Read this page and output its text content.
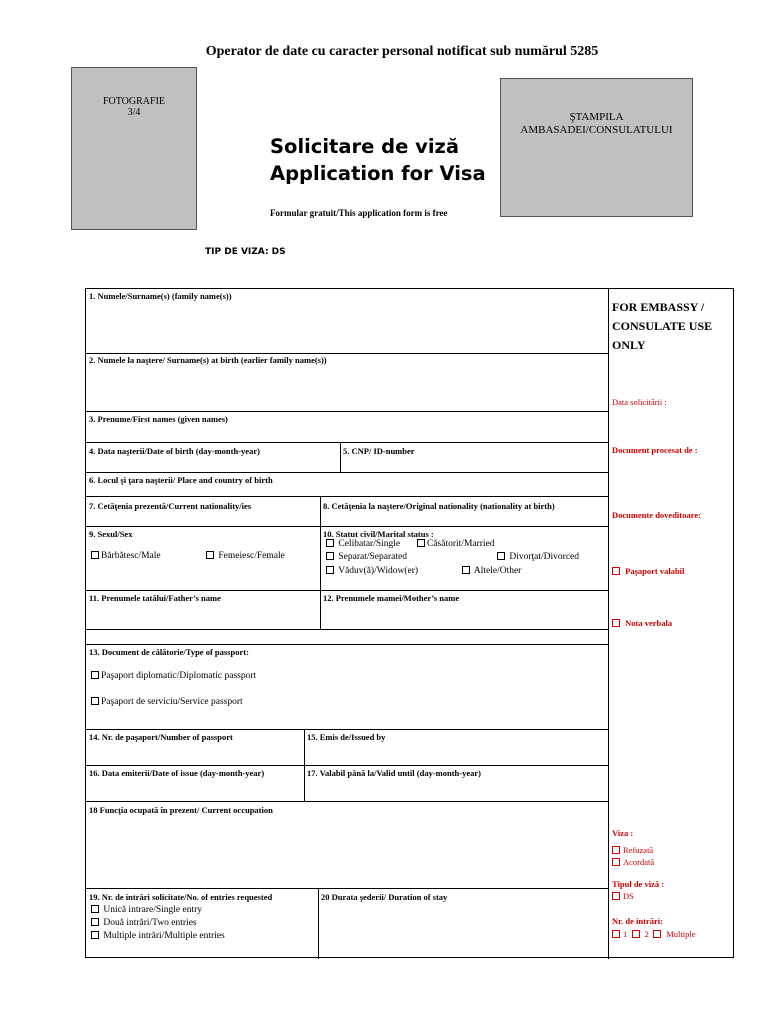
Operator de date cu caracter personal notificat sub numărul 5285
FOTOGRAFIE
3/4	ŞTAMPILA
AMBASADEI/CONSULATULUI
Solicitare de viză
Application for Visa
Formular gratuit/This application form is free
TIP DE VIZA: DS
1. Numele/Surname(s) (family name(s))
2. Numele la naştere/ Surname(s) at birth (earlier family name(s))
3. Prenume/First names (given names)
4. Data naşterii/Date of birth (day-month-year)	5. CNP/ ID-number
6. Locul şi ţara naşterii/ Place and country of birth
7. Cetăţenia prezentă/Current nationality/ies	8. Cetăţenia la naştere/Original nationality (nationality at birth)
9. Sexul/Sex	10. Statut civil/Marital status :
Bărbătesc/Male	Femeiesc/Female
Celibatar/Single	Căsătorit/Married
Separat/Separated	Divorţat/Divorced
Văduv(ă)/Widow(er)	Altele/Other
11. Prenumele tatălui/Father’s name	12. Prenumele mamei/Mother’s name
13. Document de călătorie/Type of passport:
Paşaport diplomatic/Diplomatic passport
Paşaport de serviciu/Service passport
14. Nr. de paşaport/Number of passport	15. Emis de/Issued by
16. Data emiterii/Date of issue (day-month-year)	17. Valabil până la/Valid until (day-month-year)
18 Funcţia ocupată în prezent/ Current occupation
19. Nr. de intrări solicitate/No. of entries requested
Unică intrare/Single entry
Două intrări/Two entries
Multiple intrări/Multiple entries
20 Durata şederii/ Duration of stay
FOR EMBASSY /
CONSULATE USE
ONLY
Data solicitării :
Document procesat de :
Documente doveditoare:
Paşaport valabil
Nota verbala
Viza :
Refuzată
Acordată
Tipul de viză :
DS
Nr. de intrări:
1 2 Multiple
